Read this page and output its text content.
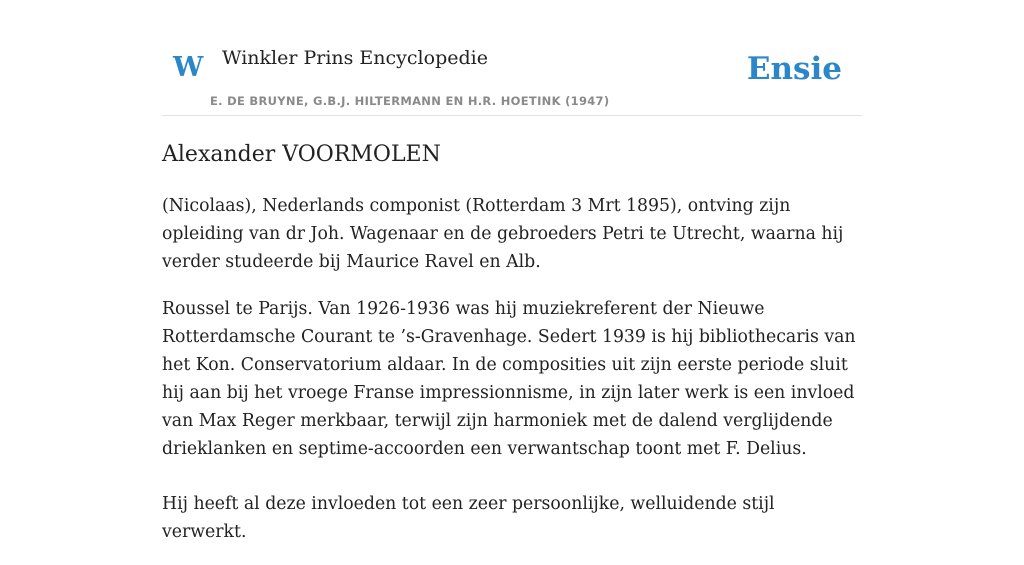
W Winkler Prins Encyclopedie
E. DE BRUYNE, G.B.J. HILTERMANN EN H.R. HOETINK (1947)
Ensie
Alexander VOORMOLEN

(Nicolaas), Nederlands componist (Rotterdam 3 Mrt 1895), ontving zijn opleiding van dr Joh. Wagenaar en de gebroeders Petri te Utrecht, waarna hij verder studeerde bij Maurice Ravel en Alb.

Roussel te Parijs. Van 1926-1936 was hij muziekreferent der Nieuwe Rotterdamsche Courant te ’s-Gravenhage. Sedert 1939 is hij bibliothecaris van het Kon. Conservatorium aldaar. In de composities uit zijn eerste periode sluit hij aan bij het vroege Franse impressionnisme, in zijn later werk is een invloed van Max Reger merkbaar, terwijl zijn harmoniek met de dalend verglijdende drieklanken en septime-accoorden een verwantschap toont met F. Delius.

Hij heeft al deze invloeden tot een zeer persoonlijke, welluidende stijl verwerkt.
